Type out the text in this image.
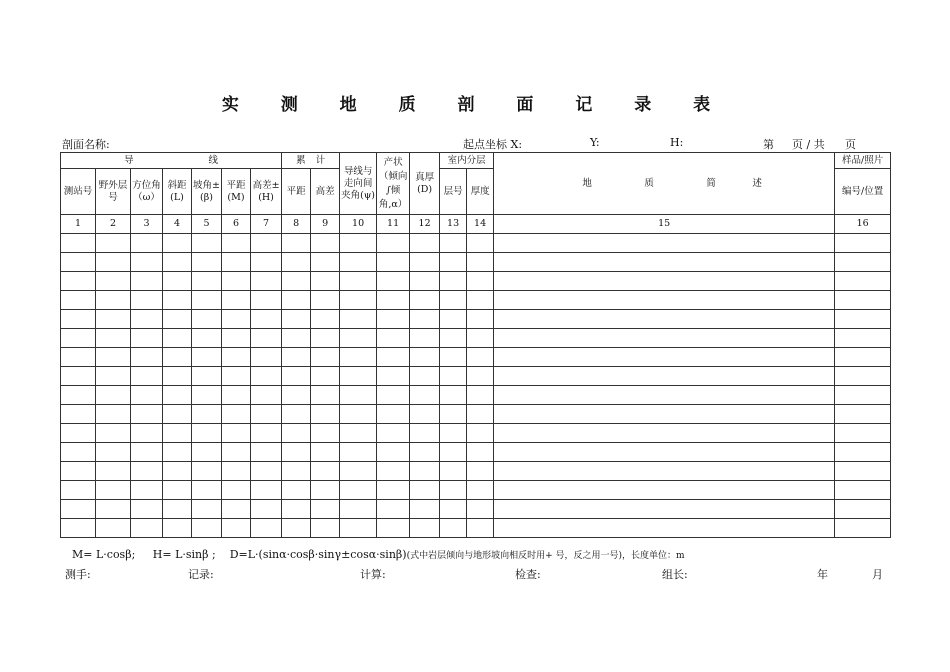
实 测 地 质 剖 面 记 录 表
剖面名称:	起点坐标 X:	Y:	H:	第 页 / 共 页
导 线							累 计		导线与走向间夹角(ψ)	产状（倾向∫倾角,α）	真厚(D)	室内分层		地 质 简 述	样品/照片
测站号	野外层号	方位角（ω）	斜距(L)	坡角±(β)	平距(M)	高差±(H)	平距	高差				层号	厚度		编号/位置
1	2	3	4	5	6	7	8	9	10	11	12	13	14	15	16

M= L·cosβ; H= L·sinβ ; D=L·(sinα·cosβ·sinγ±cosα·sinβ)(式中岩层倾向与地形坡向相反时用+ 号，反之用一号)，长度单位：m
测手:	记录:	计算:	检查:	组长:	年	月
